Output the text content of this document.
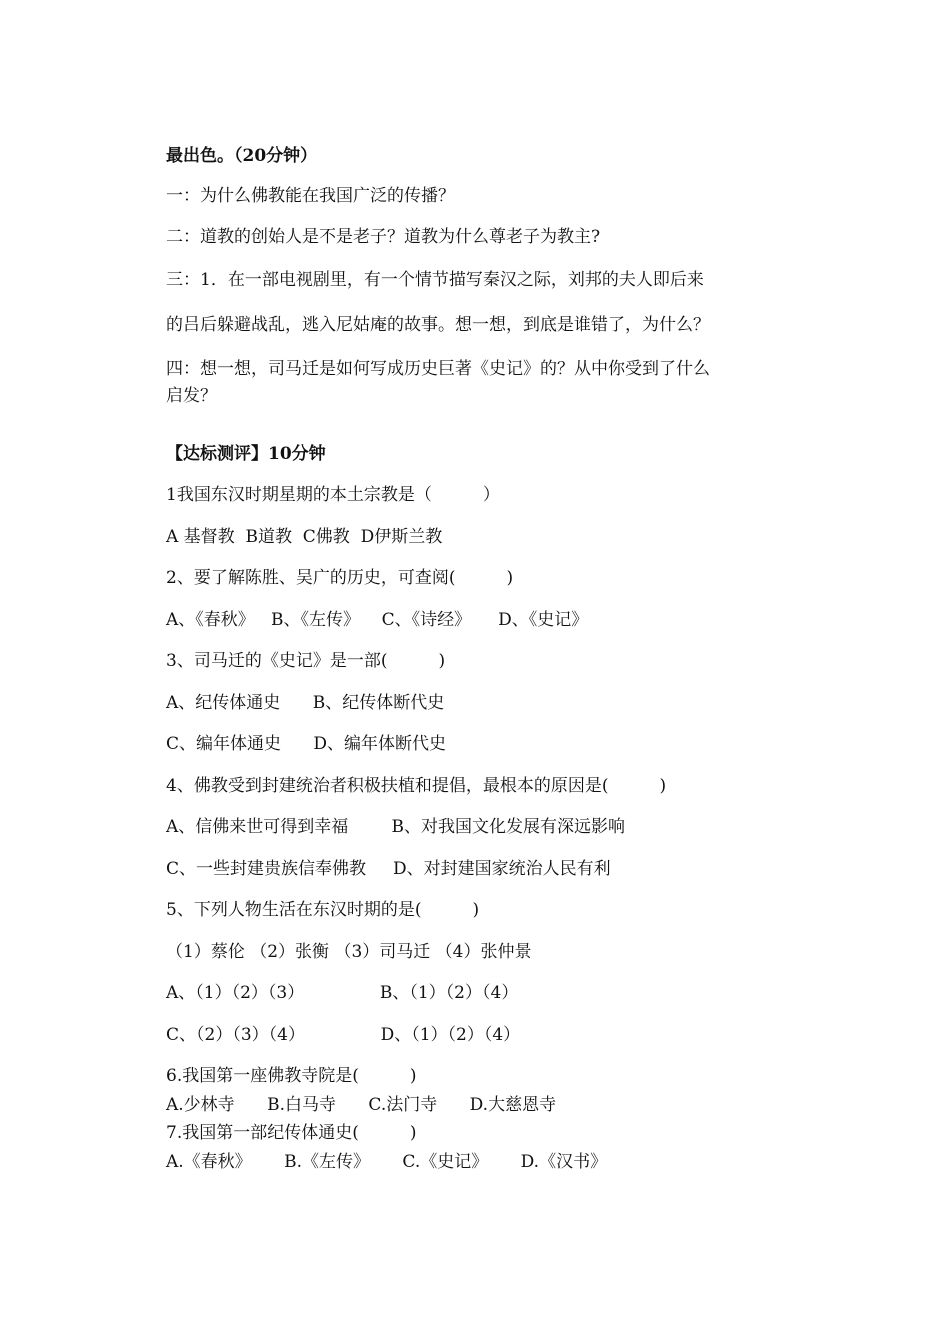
最出色。（20分钟）
一：为什么佛教能在我国广泛的传播？
二：道教的创始人是不是老子？道教为什么尊老子为教主?
三：1．在一部电视剧里，有一个情节描写秦汉之际，刘邦的夫人即后来
的吕后躲避战乱，逃入尼姑庵的故事。想一想，到底是谁错了，为什么？
四：想一想，司马迁是如何写成历史巨著《史记》的？从中你受到了什么
启发？
【达标测评】10分钟
1我国东汉时期星期的本土宗教是（　　　）
A 基督教  B道教  C佛教  D伊斯兰教
2、要了解陈胜、吴广的历史，可查阅(　　　)
A、《春秋》   B、《左传》    C、《诗经》     D、《史记》
3、司马迁的《史记》是一部(　　　)
A、纪传体通史      B、纪传体断代史
C、编年体通史      D、编年体断代史
4、佛教受到封建统治者积极扶植和提倡，最根本的原因是(　　　)
A、信佛来世可得到幸福        B、对我国文化发展有深远影响
C、一些封建贵族信奉佛教     D、对封建国家统治人民有利
5、下列人物生活在东汉时期的是(　　　)
（1）蔡伦 （2）张衡 （3）司马迁 （4）张仲景
A、（1）（2）（3）              B、（1）（2）（4）
C、（2）（3）（4）              D、（1）（2）（4）
6.我国第一座佛教寺院是(　　　)
A.少林寺      B.白马寺      C.法门寺      D.大慈恩寺
7.我国第一部纪传体通史(　　　)
A.《春秋》      B.《左传》      C.《史记》      D.《汉书》
